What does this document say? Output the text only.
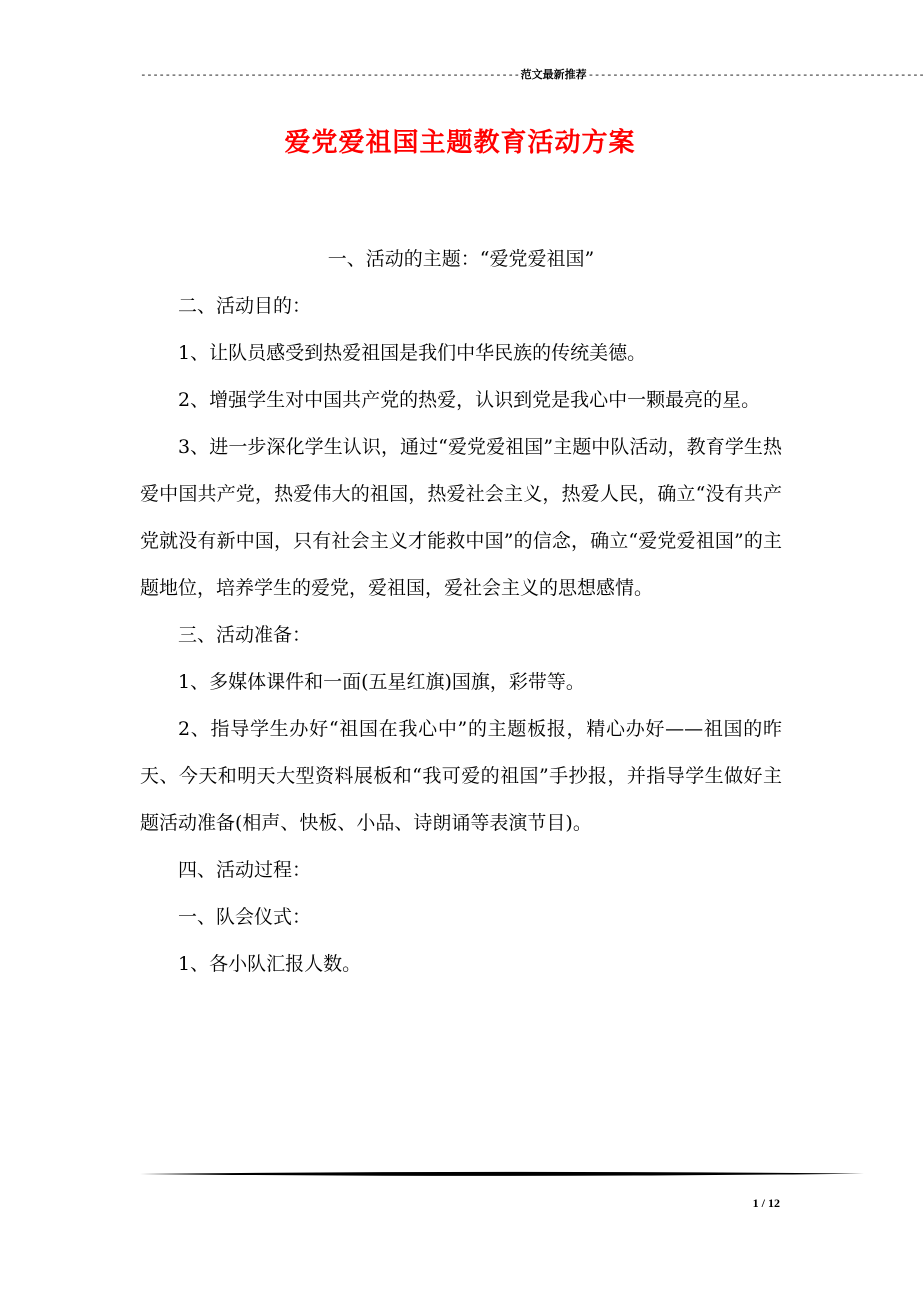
-------------------------------------------------------------- 范文最新推荐 -------------------------------------------------------
爱党爱祖国主题教育活动方案

一、活动的主题：“爱党爱祖国”

二、活动目的：

1、让队员感受到热爱祖国是我们中华民族的传统美德。

2、增强学生对中国共产党的热爱，认识到党是我心中一颗最亮的星。

3、进一步深化学生认识，通过“爱党爱祖国”主题中队活动，教育学生热爱中国共产党，热爱伟大的祖国，热爱社会主义，热爱人民，确立“没有共产党就没有新中国，只有社会主义才能救中国”的信念，确立“爱党爱祖国”的主题地位，培养学生的爱党，爱祖国，爱社会主义的思想感情。

三、活动准备：

1、多媒体课件和一面(五星红旗)国旗，彩带等。

2、指导学生办好“祖国在我心中”的主题板报，精心办好——祖国的昨天、今天和明天大型资料展板和“我可爱的祖国”手抄报，并指导学生做好主题活动准备(相声、快板、小品、诗朗诵等表演节目)。

四、活动过程：

一、队会仪式：

1、各小队汇报人数。

1 / 12
